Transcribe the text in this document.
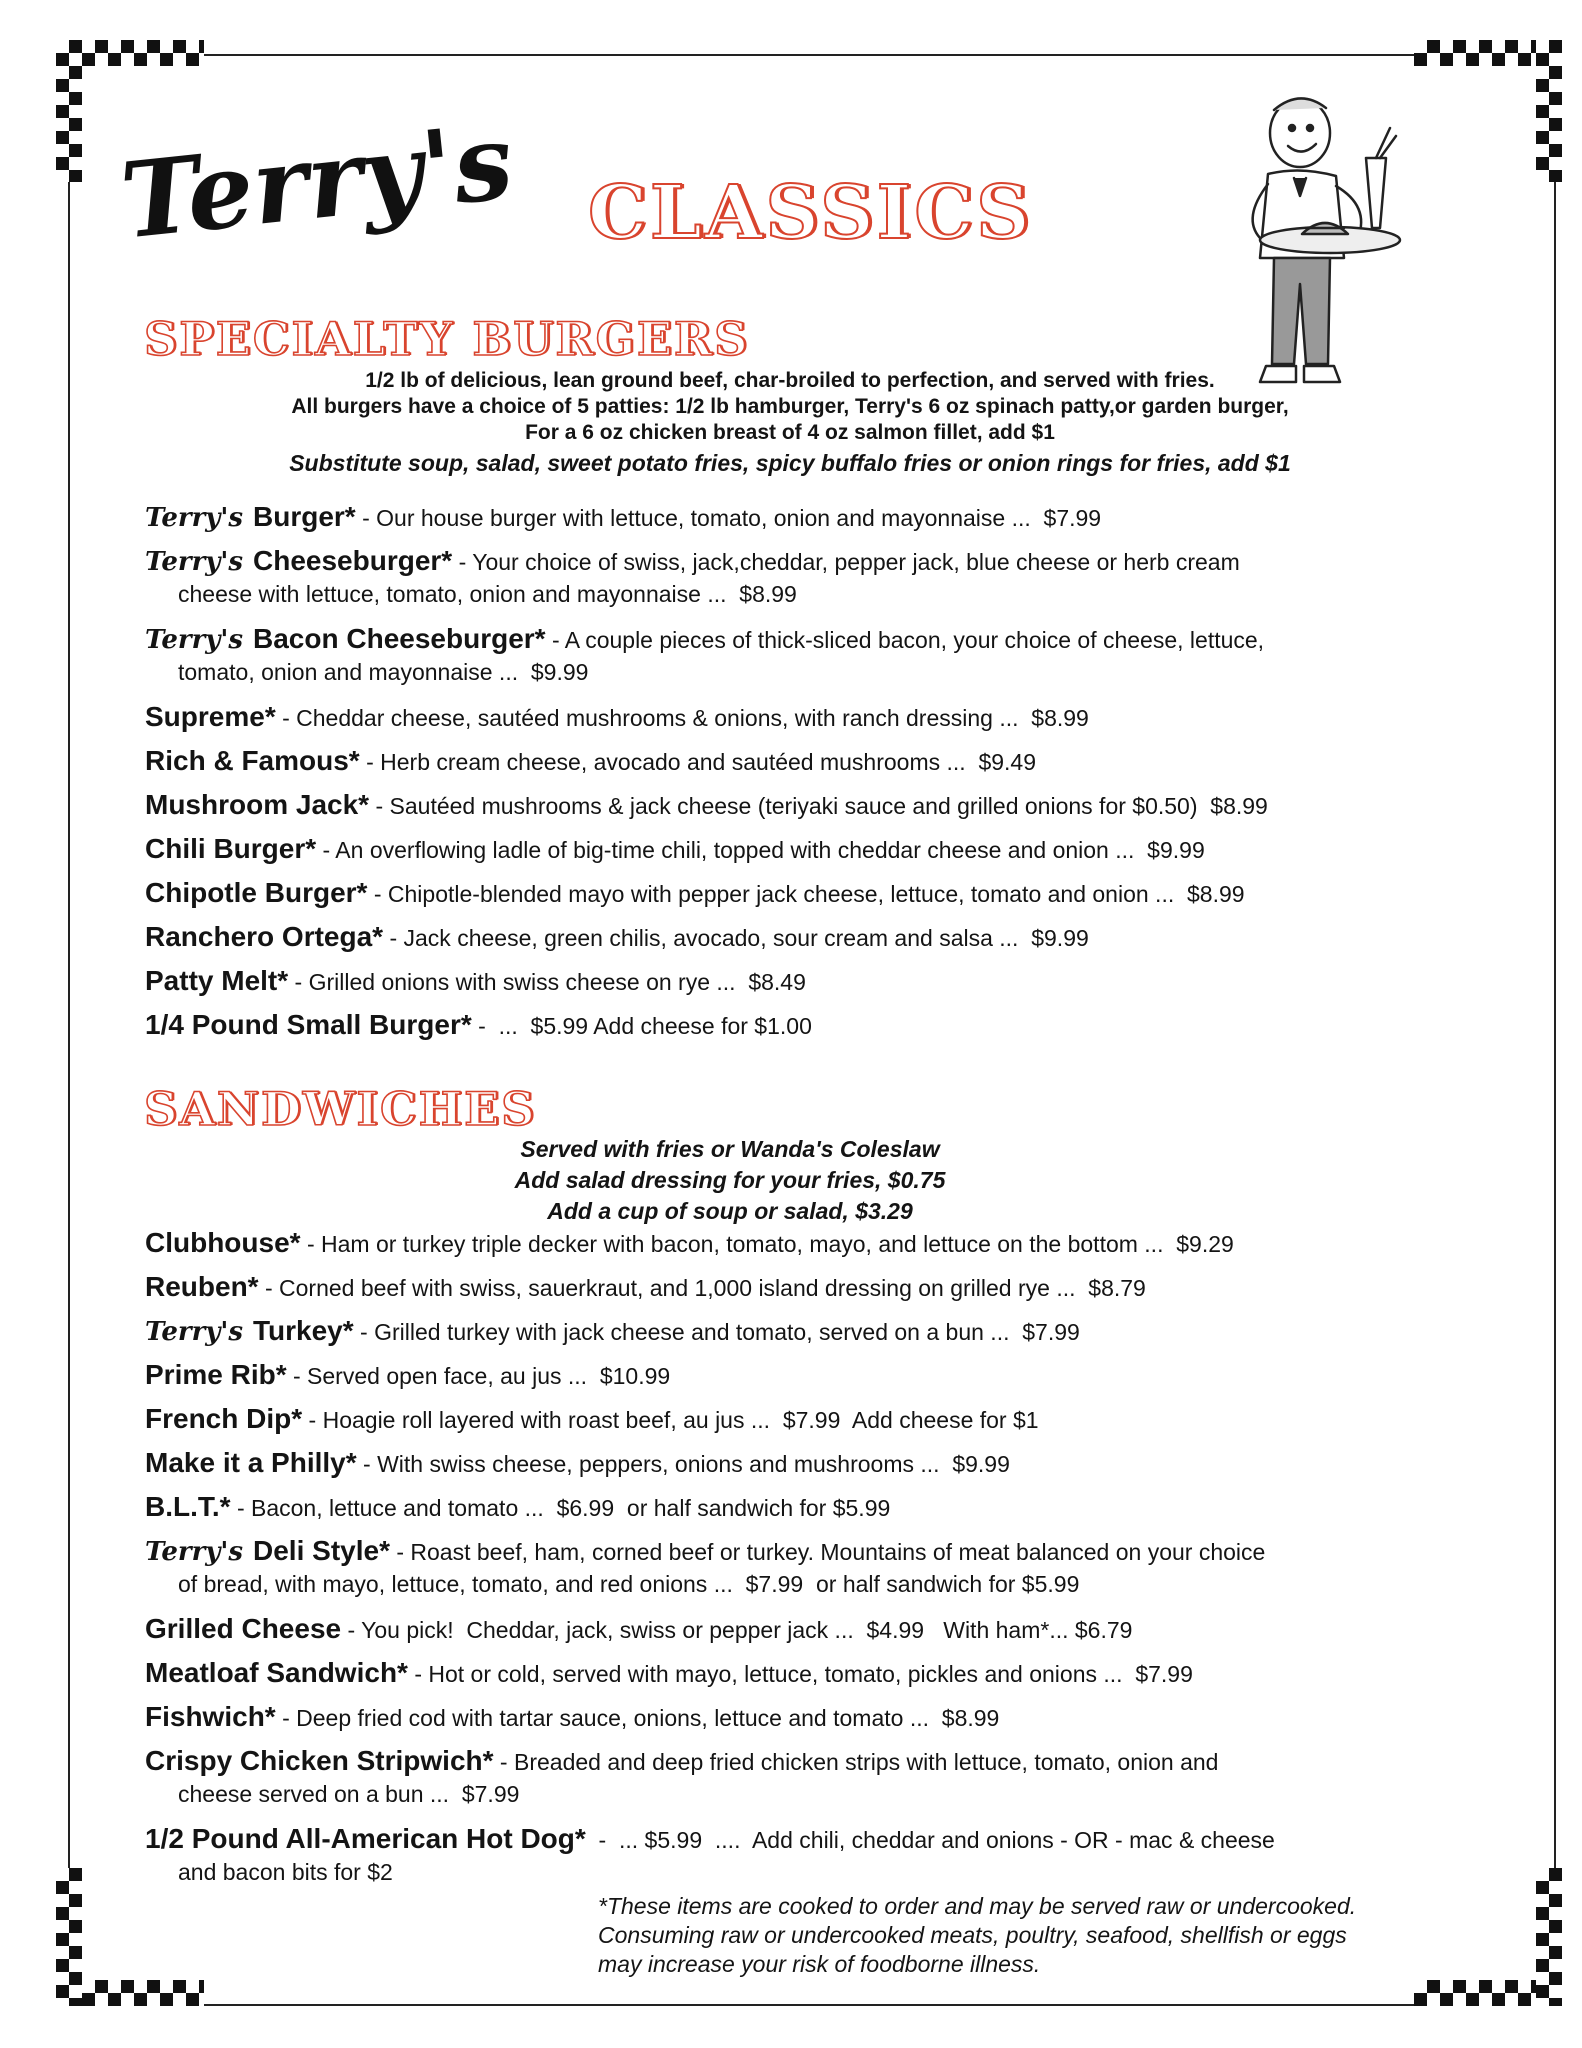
Terry's CLASSICS
SPECIALTY BURGERS
1/2 lb of delicious, lean ground beef, char-broiled to perfection, and served with fries.
All burgers have a choice of 5 patties: 1/2 lb hamburger, Terry's 6 oz spinach patty,or garden burger,
For a 6 oz chicken breast of 4 oz salmon fillet, add $1
Substitute soup, salad, sweet potato fries, spicy buffalo fries or onion rings for fries, add $1
Terry's Burger* - Our house burger with lettuce, tomato, onion and mayonnaise ...  $7.99
Terry's Cheeseburger* - Your choice of swiss, jack,cheddar, pepper jack, blue cheese or herb cream
cheese with lettuce, tomato, onion and mayonnaise ...  $8.99
Terry's Bacon Cheeseburger* - A couple pieces of thick-sliced bacon, your choice of cheese, lettuce,
tomato, onion and mayonnaise ...  $9.99
Supreme* - Cheddar cheese, sautéed mushrooms & onions, with ranch dressing ...  $8.99
Rich & Famous* - Herb cream cheese, avocado and sautéed mushrooms ...  $9.49
Mushroom Jack* - Sautéed mushrooms & jack cheese (teriyaki sauce and grilled onions for $0.50)  $8.99
Chili Burger* - An overflowing ladle of big-time chili, topped with cheddar cheese and onion ...  $9.99
Chipotle Burger* - Chipotle-blended mayo with pepper jack cheese, lettuce, tomato and onion ...  $8.99
Ranchero Ortega* - Jack cheese, green chilis, avocado, sour cream and salsa ...  $9.99
Patty Melt* - Grilled onions with swiss cheese on rye ...  $8.49
1/4 Pound Small Burger* -  ...  $5.99 Add cheese for $1.00
SANDWICHES
Served with fries or Wanda's Coleslaw
Add salad dressing for your fries, $0.75
Add a cup of soup or salad, $3.29
Clubhouse* - Ham or turkey triple decker with bacon, tomato, mayo, and lettuce on the bottom ...  $9.29
Reuben* - Corned beef with swiss, sauerkraut, and 1,000 island dressing on grilled rye ...  $8.79
Terry's Turkey* - Grilled turkey with jack cheese and tomato, served on a bun ...  $7.99
Prime Rib* - Served open face, au jus ...  $10.99
French Dip* - Hoagie roll layered with roast beef, au jus ...  $7.99  Add cheese for $1
Make it a Philly* - With swiss cheese, peppers, onions and mushrooms ...  $9.99
B.L.T.* - Bacon, lettuce and tomato ...  $6.99  or half sandwich for $5.99
Terry's Deli Style* - Roast beef, ham, corned beef or turkey. Mountains of meat balanced on your choice
of bread, with mayo, lettuce, tomato, and red onions ...  $7.99  or half sandwich for $5.99
Grilled Cheese - You pick!  Cheddar, jack, swiss or pepper jack ...  $4.99   With ham*... $6.79
Meatloaf Sandwich* - Hot or cold, served with mayo, lettuce, tomato, pickles and onions ...  $7.99
Fishwich* - Deep fried cod with tartar sauce, onions, lettuce and tomato ...  $8.99
Crispy Chicken Stripwich* - Breaded and deep fried chicken strips with lettuce, tomato, onion and
cheese served on a bun ...  $7.99
1/2 Pound All-American Hot Dog*  -  ... $5.99  ....  Add chili, cheddar and onions - OR - mac & cheese
and bacon bits for $2
*These items are cooked to order and may be served raw or undercooked.
Consuming raw or undercooked meats, poultry, seafood, shellfish or eggs
may increase your risk of foodborne illness.
